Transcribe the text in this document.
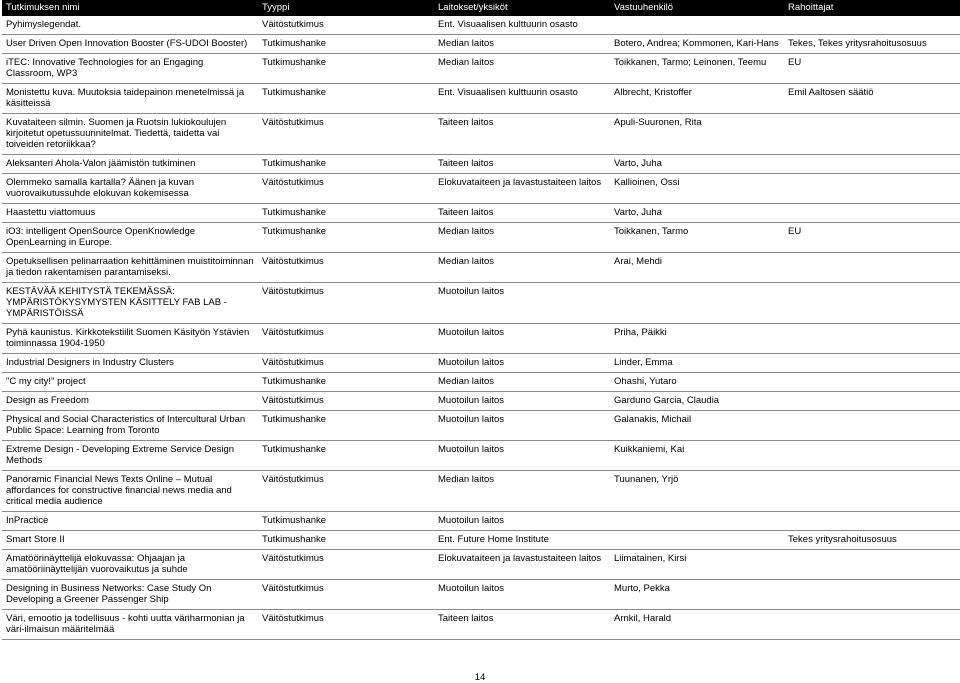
Tutkimuksen nimi	Tyyppi	Laitokset/yksiköt	Vastuuhenkilö	Rahoittajat
Pyhimyslegendat.	Väitöstutkimus	Ent. Visuaalisen kulttuurin osasto		
User Driven Open Innovation Booster (FS-UDOI Booster)	Tutkimushanke	Median laitos	Botero, Andrea; Kommonen, Kari-Hans	Tekes, Tekes yritysrahoitusosuus
iTEC: Innovative Technologies for an Engaging Classroom, WP3	Tutkimushanke	Median laitos	Toikkanen, Tarmo; Leinonen, Teemu	EU
Monistettu kuva. Muutoksia taidepainon menetelmissä ja käsitteissä	Tutkimushanke	Ent. Visuaalisen kulttuurin osasto	Albrecht, Kristoffer	Emil Aaltosen säätiö
Kuvataiteen silmin. Suomen ja Ruotsin lukiokoulujen kirjoitetut opetussuunnitelmat. Tiedettä, taidetta vai toiveiden retoriikkaa?	Väitöstutkimus	Taiteen laitos	Apuli-Suuronen, Rita	
Aleksanteri Ahola-Valon jäämistön tutkiminen	Tutkimushanke	Taiteen laitos	Varto, Juha	
Olemmeko samalla kartalla? Äänen ja kuvan vuorovaikutussuhde elokuvan kokemisessa	Väitöstutkimus	Elokuvataiteen ja lavastustaiteen laitos	Kallioinen, Ossi	
Haastettu viattomuus	Tutkimushanke	Taiteen laitos	Varto, Juha	
iO3: intelligent OpenSource OpenKnowledge OpenLearning in Europe.	Tutkimushanke	Median laitos	Toikkanen, Tarmo	EU
Opetuksellisen pelinarraation kehittäminen muistitoiminnan ja tiedon rakentamisen parantamiseksi.	Väitöstutkimus	Median laitos	Arai, Mehdi	
KESTÄVÄÄ KEHITYSTÄ TEKEMÄSSÄ: YMPÄRISTÖKYSYMYSTEN KÄSITTELY FAB LAB -YMPÄRISTÖISSÄ	Väitöstutkimus	Muotoilun laitos		
Pyhä kaunistus. Kirkkotekstiilit Suomen Käsityön Ystävien toiminnassa 1904-1950	Väitöstutkimus	Muotoilun laitos	Priha, Päikki	
Industrial Designers in Industry Clusters	Väitöstutkimus	Muotoilun laitos	Linder, Emma	
"C my city!" project	Tutkimushanke	Median laitos	Ohashi, Yutaro	
Design as Freedom	Väitöstutkimus	Muotoilun laitos	Garduno Garcia, Claudia	
Physical and Social Characteristics of Intercultural Urban Public Space: Learning from Toronto	Tutkimushanke	Muotoilun laitos	Galanakis, Michail	
Extreme Design - Developing Extreme Service Design Methods	Tutkimushanke	Muotoilun laitos	Kuikkaniemi, Kai	
Panoramic Financial News Texts Online – Mutual affordances for constructive financial news media and critical media audience	Väitöstutkimus	Median laitos	Tuunanen, Yrjö	
InPractice	Tutkimushanke	Muotoilun laitos		
Smart Store II	Tutkimushanke	Ent. Future Home Institute		Tekes yritysrahoitusosuus
Amatöörinäyttelijä elokuvassa: Ohjaajan ja amatööriinäyttelijän vuorovaikutus ja suhde	Väitöstutkimus	Elokuvataiteen ja lavastustaiteen laitos	Liimatainen, Kirsi	
Designing in Business Networks: Case Study On Developing a Greener Passenger Ship	Väitöstutkimus	Muotoilun laitos	Murto, Pekka	
Väri, emootio ja todellisuus - kohti uutta väriharmonian ja väri-ilmaisun määritelmää	Väitöstutkimus	Taiteen laitos	Arnkil, Harald	
14
